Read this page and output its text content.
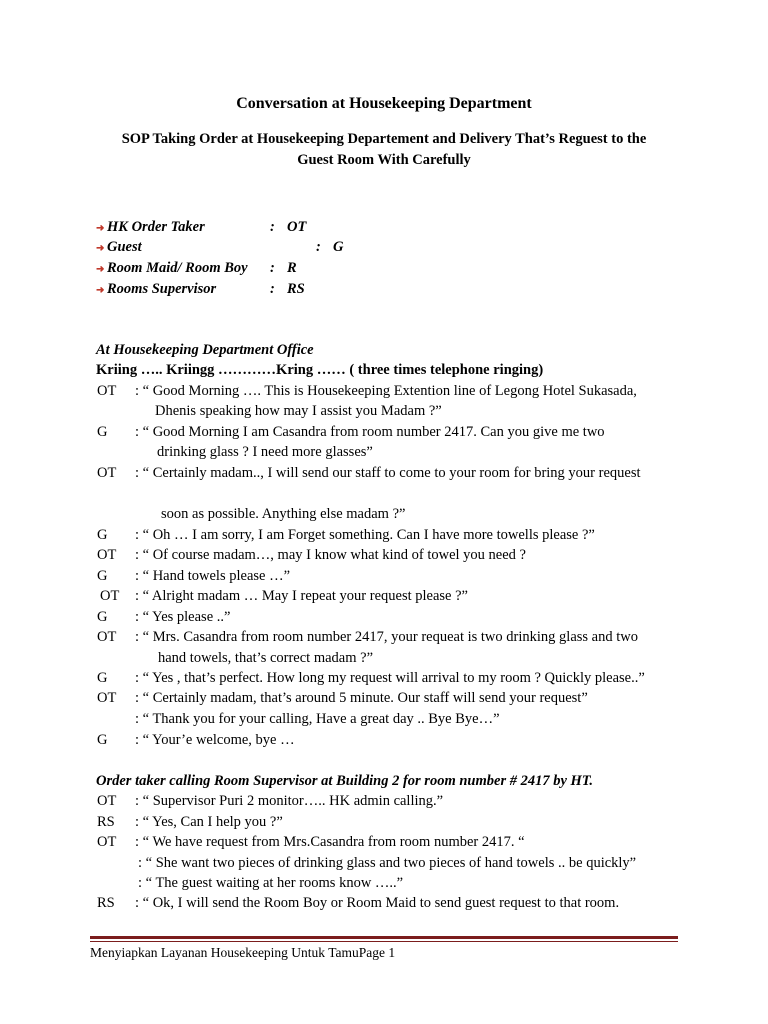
Conversation at Housekeeping Department
SOP Taking Order at Housekeeping Departement and Delivery That’s Reguest to the
Guest Room With Carefully
➜ HK Order Taker	: OT
➜ Guest	: G
➜ Room Maid/ Room Boy : R
➜ Rooms Supervisor	: RS
At Housekeeping Department Office
Kriing ….. Kriingg …………Kring …… ( three times telephone ringing)
OT : “ Good Morning …. This is Housekeeping Extention line of Legong Hotel Sukasada,
Dhenis speaking how may I assist you Madam ?”
G : “ Good Morning I am Casandra from room number 2417. Can you give me two
drinking glass ? I need more glasses”
OT : “ Certainly madam.., I will send our staff to come to your room for bring your request
soon as possible. Anything else madam ?”
G : “ Oh … I am sorry, I am Forget something. Can I have more towells please ?”
OT : “ Of course madam…, may I know what kind of towel you need ?
G : “ Hand towels please …”
OT : “ Alright madam … May I repeat your request please ?”
G : “ Yes please ..”
OT : “ Mrs. Casandra from room number 2417, your requeat is two drinking glass and two
hand towels, that’s correct madam ?”
G : “ Yes , that’s perfect. How long my request will arrival to my room ? Quickly please..”
OT : “ Certainly madam, that’s around 5 minute. Our staff will send your request”
: “ Thank you for your calling, Have a great day .. Bye Bye…”
G : “ Your’e welcome, bye …
Order taker calling Room Supervisor at Building 2 for room number # 2417 by HT.
OT : “ Supervisor Puri 2 monitor….. HK admin calling.”
RS : “ Yes, Can I help you ?”
OT : “ We have request from Mrs.Casandra from room number 2417. “
: “ She want two pieces of drinking glass and two pieces of hand towels .. be quickly”
: “ The guest waiting at her rooms know …..”
RS : “ Ok, I will send the Room Boy or Room Maid to send guest request to that room.
Menyiapkan Layanan Housekeeping Untuk TamuPage 1
